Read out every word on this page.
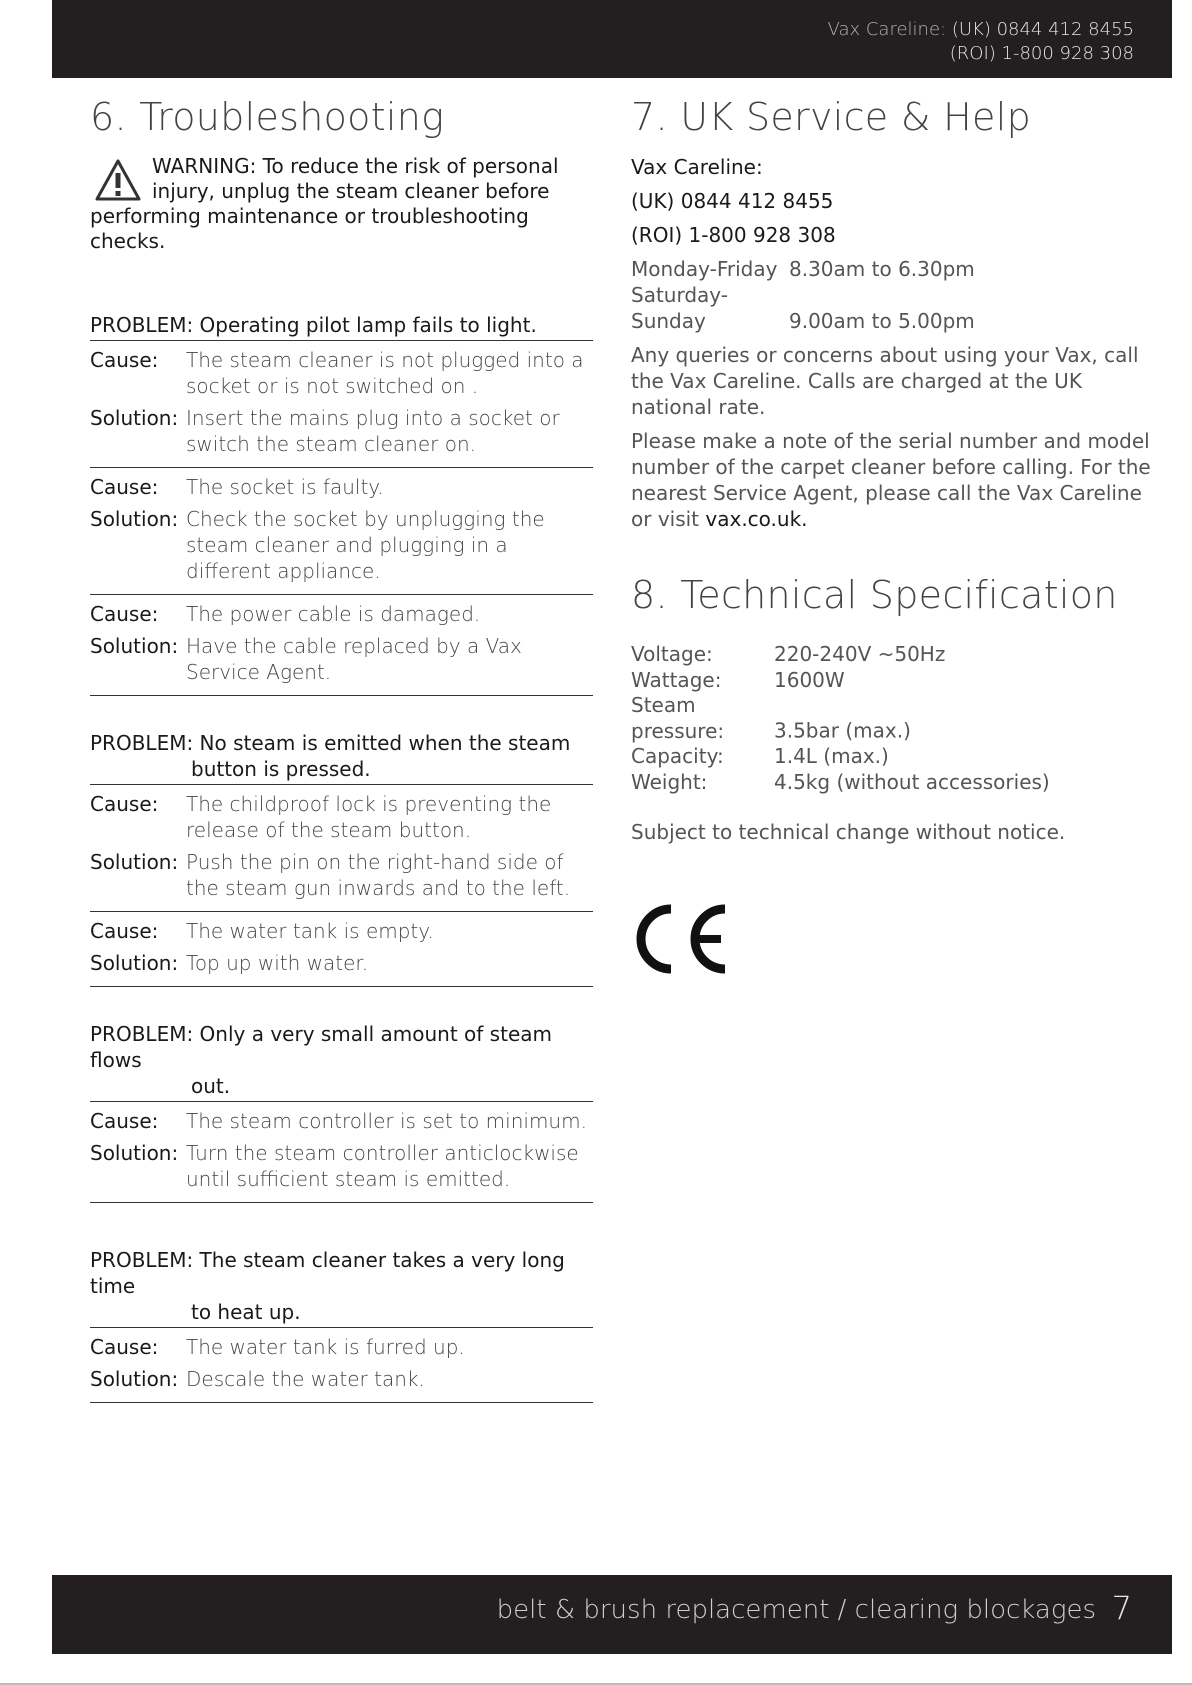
Vax Careline: (UK) 0844 412 8455
(ROI) 1-800 928 308
6. Troubleshooting
WARNING: To reduce the risk of personal
injury, unplug the steam cleaner before
performing maintenance or troubleshooting checks.
PROBLEM: Operating pilot lamp fails to light.
Cause:	The steam cleaner is not plugged into a socket or is not switched on .
Solution: Insert the mains plug into a socket or switch the steam cleaner on.
Cause:	The socket is faulty.
Solution: Check the socket by unplugging the steam cleaner and plugging in a different appliance.
Cause:	The power cable is damaged.
Solution: Have the cable replaced by a Vax Service Agent.
PROBLEM: No steam is emitted when the steam
button is pressed.
Cause:	The childproof lock is preventing the release of the steam button.
Solution: Push the pin on the right-hand side of the steam gun inwards and to the left.
Cause:	The water tank is empty.
Solution: Top up with water.
PROBLEM: Only a very small amount of steam flows
out.
Cause:	The steam controller is set to minimum.
Solution: Turn the steam controller anticlockwise until sufficient steam is emitted.
PROBLEM: The steam cleaner takes a very long time
to heat up.
Cause:	The water tank is furred up.
Solution: Descale the water tank.
7. UK Service & Help
Vax Careline:
(UK) 0844 412 8455
(ROI) 1-800 928 308
Monday-Friday 8.30am to 6.30pm
Saturday-Sunday	9.00am to 5.00pm
Any queries or concerns about using your Vax, call the Vax Careline. Calls are charged at the UK national rate.
Please make a note of the serial number and model number of the carpet cleaner before calling. For the nearest Service Agent, please call the Vax Careline or visit vax.co.uk.
8. Technical Specification
Voltage:	220-240V ~50Hz
Wattage:	1600W
Steam pressure: 3.5bar (max.)
Capacity:	1.4L (max.)
Weight:	4.5kg (without accessories)
Subject to technical change without notice.
belt & brush replacement / clearing blockages 7
